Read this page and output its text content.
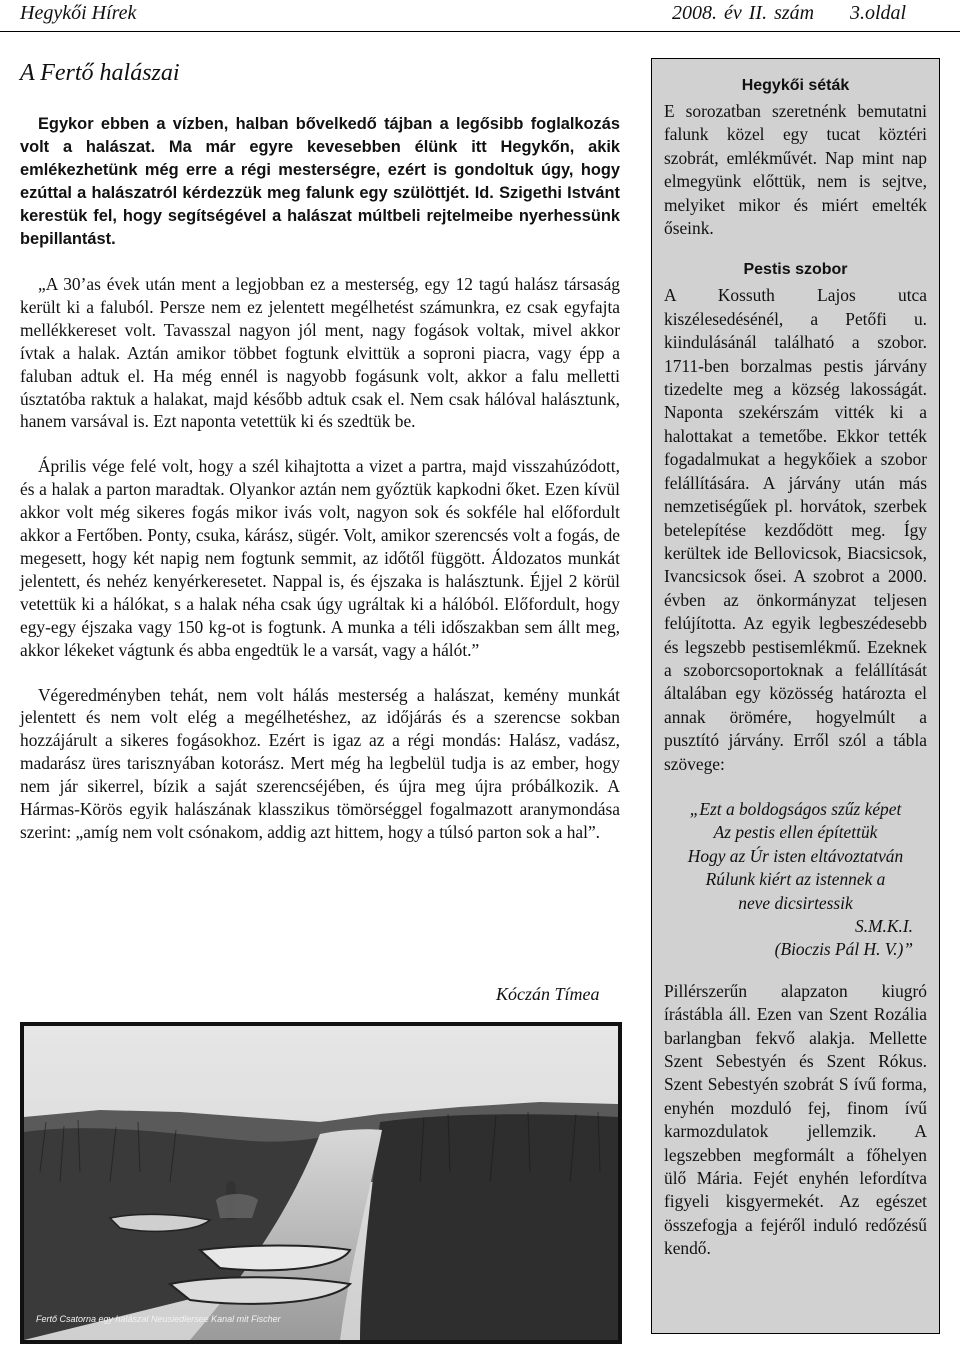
Hegykői Hírek	2008. év II. szám 3.oldal
A Fertő halászai

Egykor ebben a vízben, halban bővelkedő tájban a legősibb foglalkozás volt a halászat. Ma már egyre kevesebben élünk itt Hegykőn, akik emlékezhetünk még erre a régi mesterségre, ezért is gondoltuk úgy, hogy ezúttal a halászatról kérdezzük meg falunk egy szülöttjét. Id. Szigethi Istvánt kerestük fel, hogy segítségével a halászat múltbeli rejtelmeibe nyerhessünk bepillantást.

„A 30’as évek után ment a legjobban ez a mesterség, egy 12 tagú halász társaság került ki a faluból. Persze nem ez jelentett megélhetést számunkra, ez csak egyfajta mellékkereset volt. Tavasszal nagyon jól ment, nagy fogások voltak, mivel akkor ívtak a halak. Aztán amikor többet fogtunk elvittük a soproni piacra, vagy épp a faluban adtuk el. Ha még ennél is nagyobb fogásunk volt, akkor a falu melletti úsztatóba raktuk a halakat, majd később adtuk csak el. Nem csak hálóval halásztunk, hanem varsával is. Ezt naponta vetettük ki és szedtük be.

Április vége felé volt, hogy a szél kihajtotta a vizet a partra, majd visszahúzódott, és a halak a parton maradtak. Olyankor aztán nem győztük kapkodni őket. Ezen kívül akkor volt még sikeres fogás mikor ivás volt, nagyon sok és sokféle hal előfordult akkor a Fertőben. Ponty, csuka, kárász, sügér. Volt, amikor szerencsés volt a fogás, de megesett, hogy két napig nem fogtunk semmit, az időtől függött. Áldozatos munkát jelentett, és nehéz kenyérkeresetet. Nappal is, és éjszaka is halásztunk. Éjjel 2 körül vetettük ki a hálókat, s a halak néha csak úgy ugráltak ki a hálóból. Előfordult, hogy egy-egy éjszaka vagy 150 kg-ot is fogtunk. A munka a téli időszakban sem állt meg, akkor lékeket vágtunk és abba engedtük le a varsát, vagy a hálót.”

Végeredményben tehát, nem volt hálás mesterség a halászat, kemény munkát jelentett és nem volt elég a megélhetéshez, az időjárás és a szerencse sokban hozzájárult a sikeres fogásokhoz. Ezért is igaz az a régi mondás: Halász, vadász, madarász üres tarisznyában kotorász. Mert még ha legbelül tudja is az ember, hogy nem jár sikerrel, bízik a saját szerencséjében, és újra meg újra próbálkozik. A Hármas-Körös egyik halászának klasszikus tömörséggel fogalmazott aranymondása szerint: „amíg nem volt csónakom, addig azt hittem, hogy a túlsó parton sok a hal”.

Kóczán Tímea
Fertő Csatorna egy halászal Neusiedlersee Kanal mit Fischer
Hegykői séták

E sorozatban szeretnénk bemutatni falunk közel egy tucat köztéri szobrát, emlékművét. Nap mint nap elmegyünk előttük, nem is sejtve, melyiket mikor és miért emelték őseink.

Pestis szobor

A Kossuth Lajos utca kiszélesedésénél, a Petőfi u. kiindulásánál található a szobor. 1711-ben borzalmas pestis járvány tizedelte meg a község lakosságát. Naponta szekérszám vitték ki a halottakat a temetőbe. Ekkor tették fogadalmukat a hegykőiek a szobor felállítására. A járvány után más nemzetiségűek pl. horvátok, szerbek betelepítése kezdődött meg. Így kerültek ide Bellovicsok, Biacsicsok, Ivancsicsok ősei. A szobrot a 2000. évben az önkormányzat teljesen felújította. Az egyik legbeszédesebb és legszebb pestisemlékmű. Ezeknek a szoborcsoportoknak a felállítását általában egy közösség határozta el annak örömére, hogyelmúlt a pusztító járvány. Erről szól a tábla szövege:

„Ezt a boldogságos szűz képet
Az pestis ellen építettük
Hogy az Úr isten eltávoztatván
Rúlunk kiért az istennek a
neve dicsirtessik
S.M.K.I.
(Bioczis Pál H. V.)”

Pillérszerűn alapzaton kiugró írástábla áll. Ezen van Szent Rozália barlangban fekvő alakja. Mellette Szent Sebestyén és Szent Rókus. Szent Sebestyén szobrát S ívű forma, enyhén mozduló fej, finom ívű karmozdulatok jellemzik. A legszebben megformált a főhelyen ülő Mária. Fejét enyhén lefordítva figyeli kisgyermekét. Az egészet összefogja a fejéről induló redőzésű kendő.
